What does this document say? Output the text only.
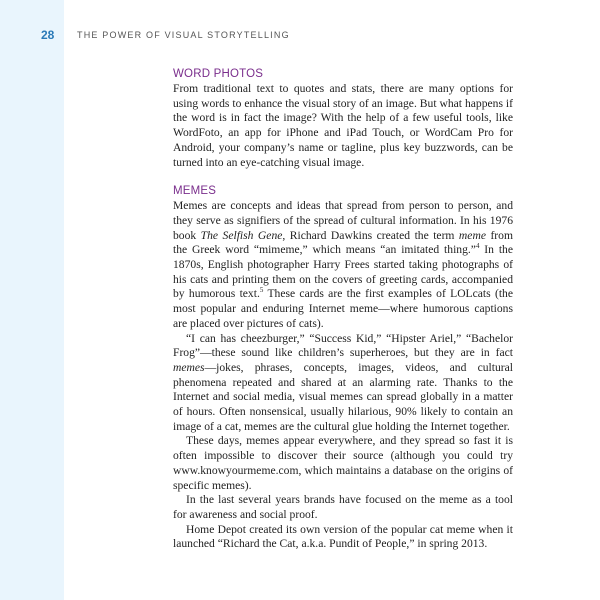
28	THE POWER OF VISUAL STORYTELLING
WORD PHOTOS

From traditional text to quotes and stats, there are many options for using words to enhance the visual story of an image. But what happens if the word is in fact the image? With the help of a few useful tools, like WordFoto, an app for iPhone and iPad Touch, or WordCam Pro for Android, your company’s name or tagline, plus key buzzwords, can be turned into an eye-catching visual image.

MEMES

Memes are concepts and ideas that spread from person to person, and they serve as signifiers of the spread of cultural information. In his 1976 book The Selfish Gene, Richard Dawkins created the term meme from the Greek word “mimeme,” which means “an imitated thing.”$^4$ In the 1870s, English photographer Harry Frees started taking photographs of his cats and printing them on the covers of greeting cards, accompanied by humorous text.$^5$ These cards are the first examples of LOLcats (the most popular and enduring Internet meme—where humorous captions are placed over pictures of cats).

“I can has cheezburger,” “Success Kid,” “Hipster Ariel,” “Bachelor Frog”—these sound like children’s superheroes, but they are in fact memes—jokes, phrases, concepts, images, videos, and cultural phenomena repeated and shared at an alarming rate. Thanks to the Internet and social media, visual memes can spread globally in a matter of hours. Often nonsensical, usually hilarious, 90% likely to contain an image of a cat, memes are the cultural glue holding the Internet together.

These days, memes appear everywhere, and they spread so fast it is often impossible to discover their source (although you could try www.knowyourmeme.com, which maintains a database on the origins of specific memes).

In the last several years brands have focused on the meme as a tool for awareness and social proof.

Home Depot created its own version of the popular cat meme when it launched “Richard the Cat, a.k.a. Pundit of People,” in spring 2013.
